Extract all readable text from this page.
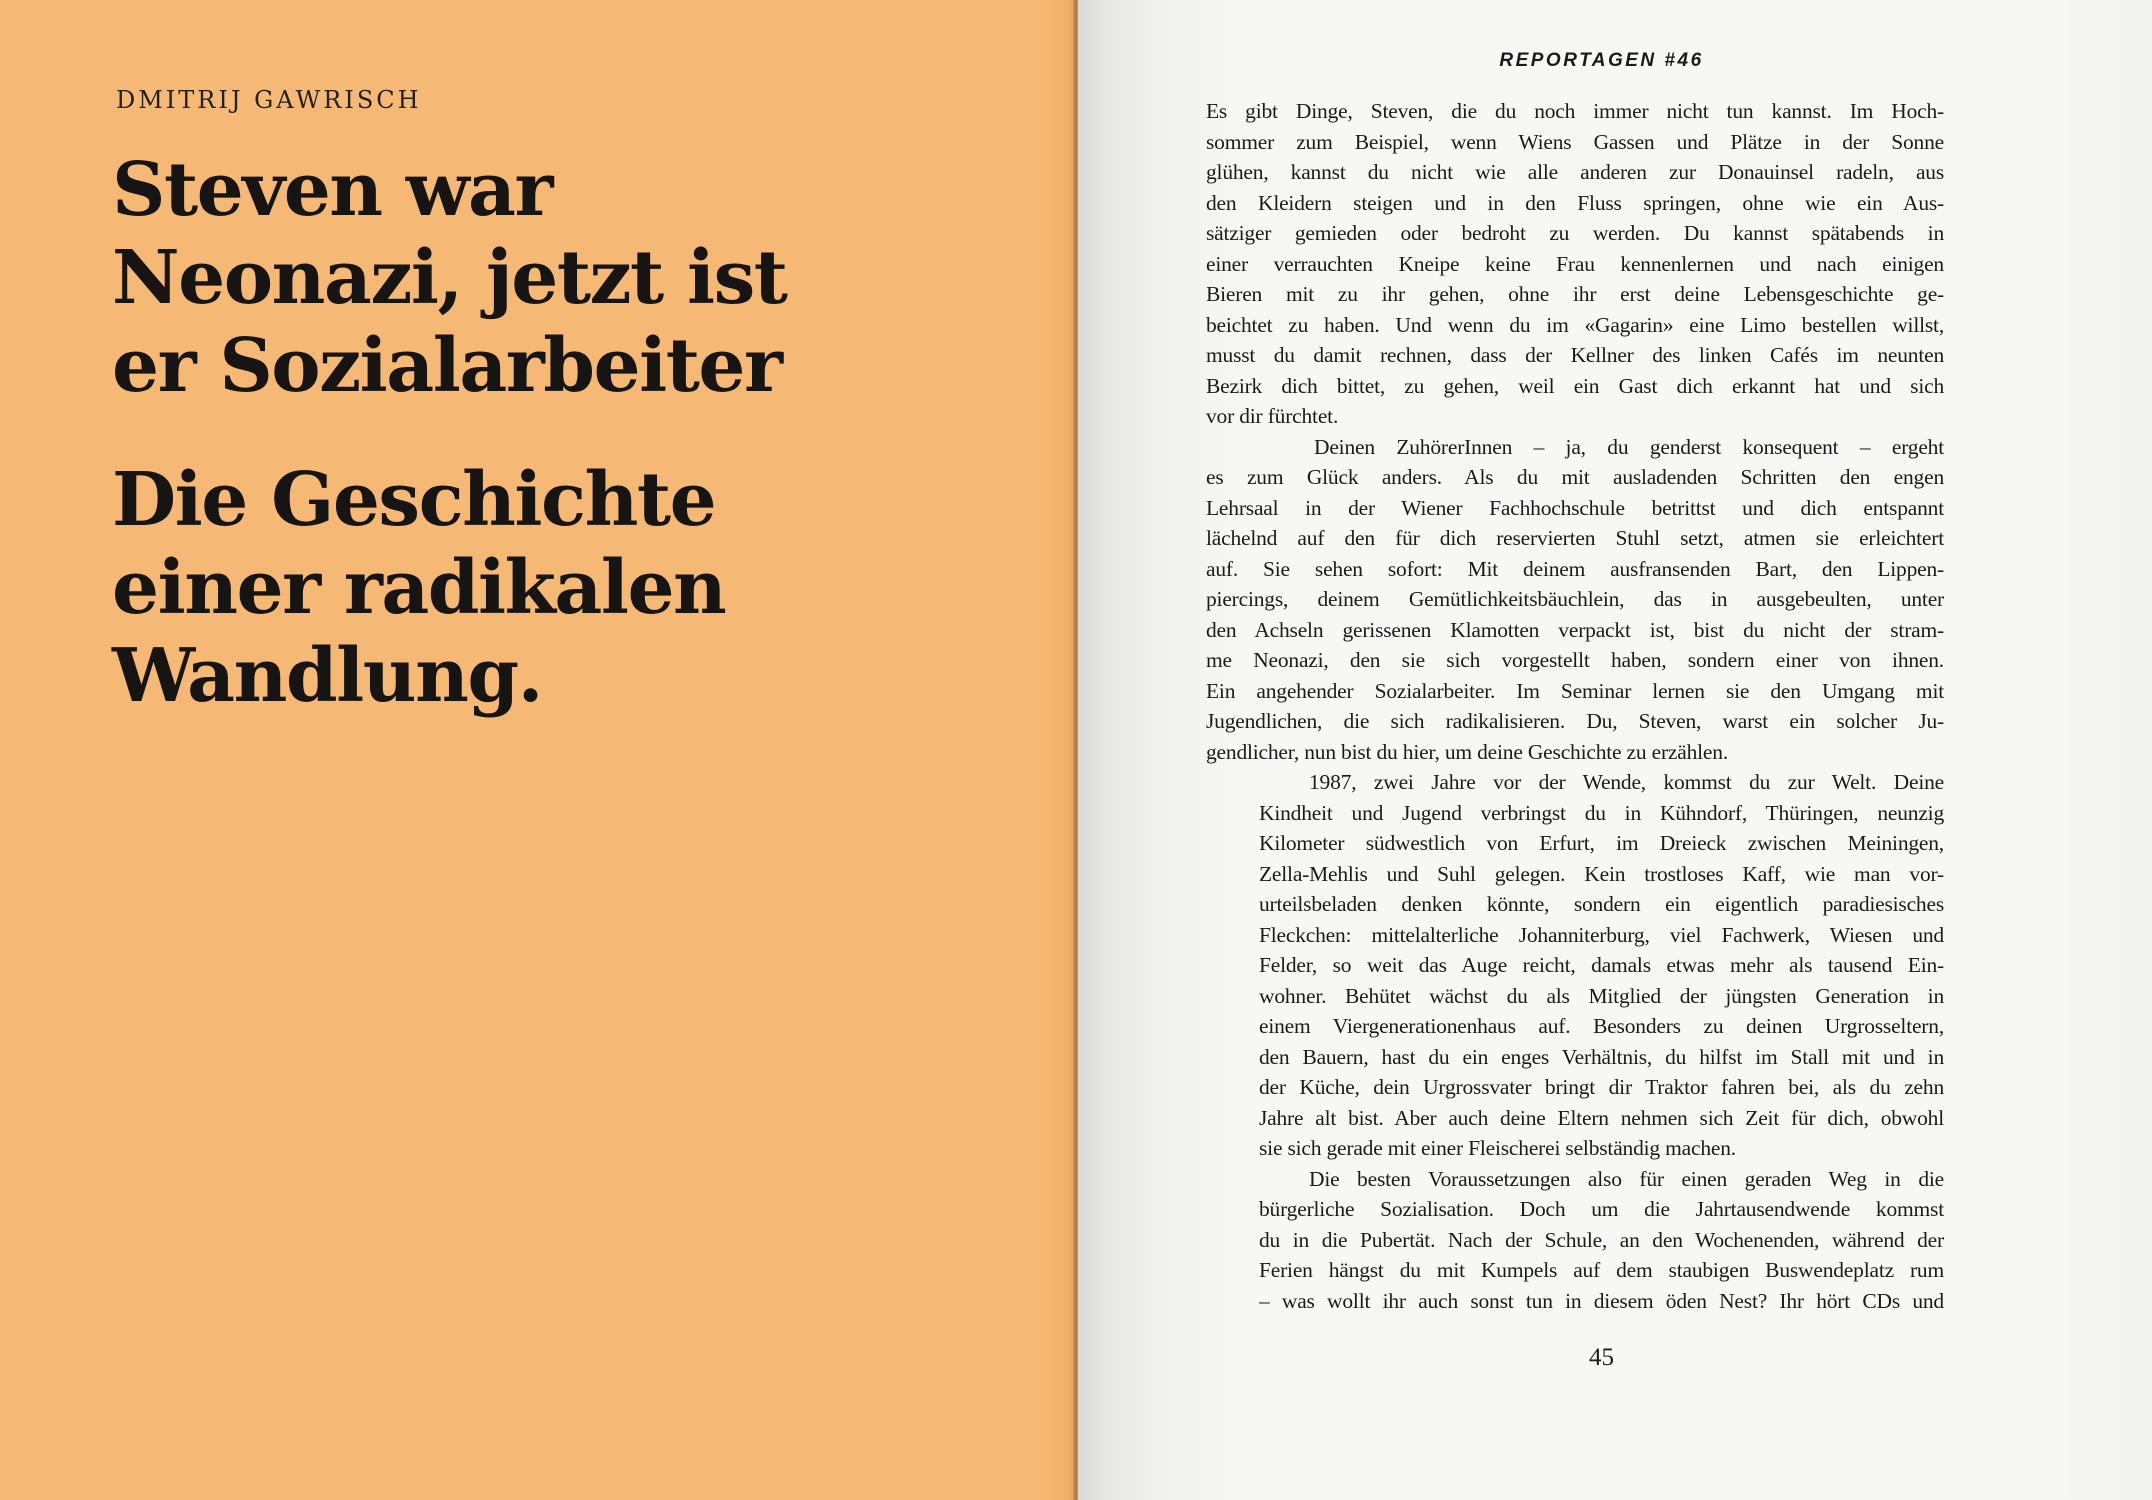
DMITRIJ GAWRISCH
Steven war
Neonazi, jetzt ist
er Sozialarbeiter
Die Geschichte
einer radikalen
Wandlung.
REPORTAGEN #46
Es gibt Dinge, Steven, die du noch immer nicht tun kannst. Im Hoch-
sommer zum Beispiel, wenn Wiens Gassen und Plätze in der Sonne
glühen, kannst du nicht wie alle anderen zur Donauinsel radeln, aus
den Kleidern steigen und in den Fluss springen, ohne wie ein Aus-
sätziger gemieden oder bedroht zu werden. Du kannst spätabends in
einer verrauchten Kneipe keine Frau kennenlernen und nach einigen
Bieren mit zu ihr gehen, ohne ihr erst deine Lebensgeschichte ge-
beichtet zu haben. Und wenn du im «Gagarin» eine Limo bestellen willst,
musst du damit rechnen, dass der Kellner des linken Cafés im neunten
Bezirk dich bittet, zu gehen, weil ein Gast dich erkannt hat und sich
vor dir fürchtet.
Deinen ZuhörerInnen – ja, du genderst konsequent – ergeht
es zum Glück anders. Als du mit ausladenden Schritten den engen
Lehrsaal in der Wiener Fachhochschule betrittst und dich entspannt
lächelnd auf den für dich reservierten Stuhl setzt, atmen sie erleichtert
auf. Sie sehen sofort: Mit deinem ausfransenden Bart, den Lippen-
piercings, deinem Gemütlichkeitsbäuchlein, das in ausgebeulten, unter
den Achseln gerissenen Klamotten verpackt ist, bist du nicht der stram-
me Neonazi, den sie sich vorgestellt haben, sondern einer von ihnen.
Ein angehender Sozialarbeiter. Im Seminar lernen sie den Umgang mit
Jugendlichen, die sich radikalisieren. Du, Steven, warst ein solcher Ju-
gendlicher, nun bist du hier, um deine Geschichte zu erzählen.
1987, zwei Jahre vor der Wende, kommst du zur Welt. Deine
Kindheit und Jugend verbringst du in Kühndorf, Thüringen, neunzig
Kilometer südwestlich von Erfurt, im Dreieck zwischen Meiningen,
Zella-Mehlis und Suhl gelegen. Kein trostloses Kaff, wie man vor-
urteilsbeladen denken könnte, sondern ein eigentlich paradiesisches
Fleckchen: mittelalterliche Johanniterburg, viel Fachwerk, Wiesen und
Felder, so weit das Auge reicht, damals etwas mehr als tausend Ein-
wohner. Behütet wächst du als Mitglied der jüngsten Generation in
einem Viergenerationenhaus auf. Besonders zu deinen Urgrosseltern,
den Bauern, hast du ein enges Verhältnis, du hilfst im Stall mit und in
der Küche, dein Urgrossvater bringt dir Traktor fahren bei, als du zehn
Jahre alt bist. Aber auch deine Eltern nehmen sich Zeit für dich, obwohl
sie sich gerade mit einer Fleischerei selbständig machen.
Die besten Voraussetzungen also für einen geraden Weg in die
bürgerliche Sozialisation. Doch um die Jahrtausendwende kommst
du in die Pubertät. Nach der Schule, an den Wochenenden, während der
Ferien hängst du mit Kumpels auf dem staubigen Buswendeplatz rum
– was wollt ihr auch sonst tun in diesem öden Nest? Ihr hört CDs und
45
